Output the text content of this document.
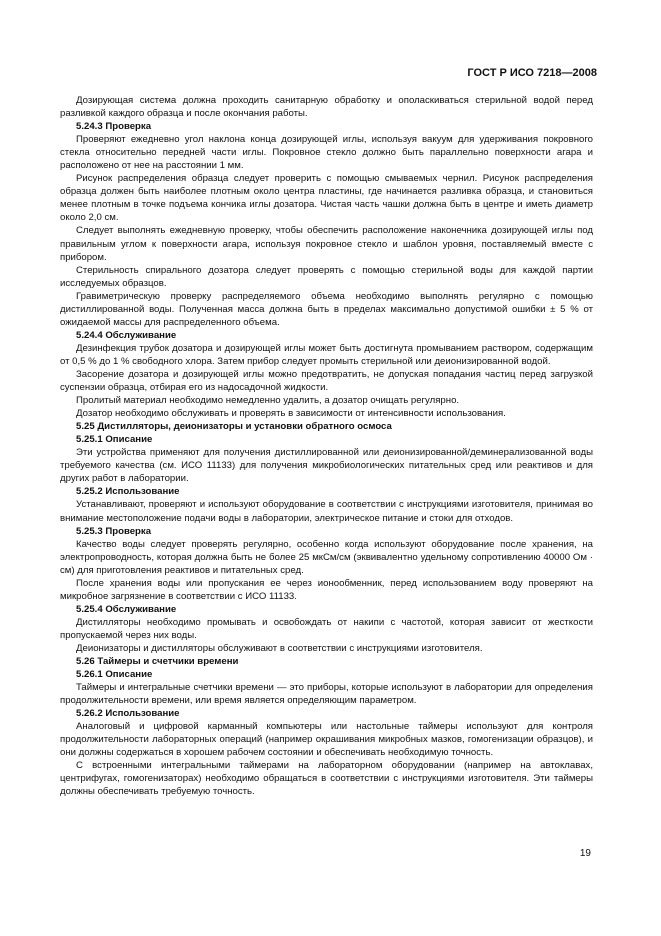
ГОСТ Р ИСО 7218—2008

Дозирующая система должна проходить санитарную обработку и ополаскиваться стерильной водой перед разливкой каждого образца и после окончания работы.

5.24.3 Проверка

Проверяют ежедневно угол наклона конца дозирующей иглы, используя вакуум для удерживания покровного стекла относительно передней части иглы. Покровное стекло должно быть параллельно поверхности агара и расположено от нее на расстоянии 1 мм.

Рисунок распределения образца следует проверить с помощью смываемых чернил. Рисунок распределения образца должен быть наиболее плотным около центра пластины, где начинается разливка образца, и становиться менее плотным в точке подъема кончика иглы дозатора. Чистая часть чашки должна быть в центре и иметь диаметр около 2,0 см.

Следует выполнять ежедневную проверку, чтобы обеспечить расположение наконечника дозирующей иглы под правильным углом к поверхности агара, используя покровное стекло и шаблон уровня, поставляемый вместе с прибором.

Стерильность спирального дозатора следует проверять с помощью стерильной воды для каждой партии исследуемых образцов.

Гравиметрическую проверку распределяемого объема необходимо выполнять регулярно с помощью дистиллированной воды. Полученная масса должна быть в пределах максимально допустимой ошибки ± 5 % от ожидаемой массы для распределенного объема.

5.24.4 Обслуживание

Дезинфекция трубок дозатора и дозирующей иглы может быть достигнута промыванием раствором, содержащим от 0,5 % до 1 % свободного хлора. Затем прибор следует промыть стерильной или деионизированной водой.

Засорение дозатора и дозирующей иглы можно предотвратить, не допуская попадания частиц перед загрузкой суспензии образца, отбирая его из надосадочной жидкости.

Пролитый материал необходимо немедленно удалить, а дозатор очищать регулярно.

Дозатор необходимо обслуживать и проверять в зависимости от интенсивности использования.

5.25 Дистилляторы, деионизаторы и установки обратного осмоса

5.25.1 Описание

Эти устройства применяют для получения дистиллированной или деионизированной/деминерализованной воды требуемого качества (см. ИСО 11133) для получения микробиологических питательных сред или реактивов и для других работ в лаборатории.

5.25.2 Использование

Устанавливают, проверяют и используют оборудование в соответствии с инструкциями изготовителя, принимая во внимание местоположение подачи воды в лаборатории, электрическое питание и стоки для отходов.

5.25.3 Проверка

Качество воды следует проверять регулярно, особенно когда используют оборудование после хранения, на электропроводность, которая должна быть не более 25 мкСм/см (эквивалентно удельному сопротивлению 40000 Ом · см) для приготовления реактивов и питательных сред.

После хранения воды или пропускания ее через ионообменник, перед использованием воду проверяют на микробное загрязнение в соответствии с ИСО 11133.

5.25.4 Обслуживание

Дистилляторы необходимо промывать и освобождать от накипи с частотой, которая зависит от жесткости пропускаемой через них воды.

Деионизаторы и дистилляторы обслуживают в соответствии с инструкциями изготовителя.

5.26 Таймеры и счетчики времени

5.26.1 Описание

Таймеры и интегральные счетчики времени — это приборы, которые используют в лаборатории для определения продолжительности времени, или время является определяющим параметром.

5.26.2 Использование

Аналоговый и цифровой карманный компьютеры или настольные таймеры используют для контроля продолжительности лабораторных операций (например окрашивания микробных мазков, гомогенизации образцов), и они должны содержаться в хорошем рабочем состоянии и обеспечивать необходимую точность.

С встроенными интегральными таймерами на лабораторном оборудовании (например на автоклавах, центрифугах, гомогенизаторах) необходимо обращаться в соответствии с инструкциями изготовителя. Эти таймеры должны обеспечивать требуемую точность.

19
